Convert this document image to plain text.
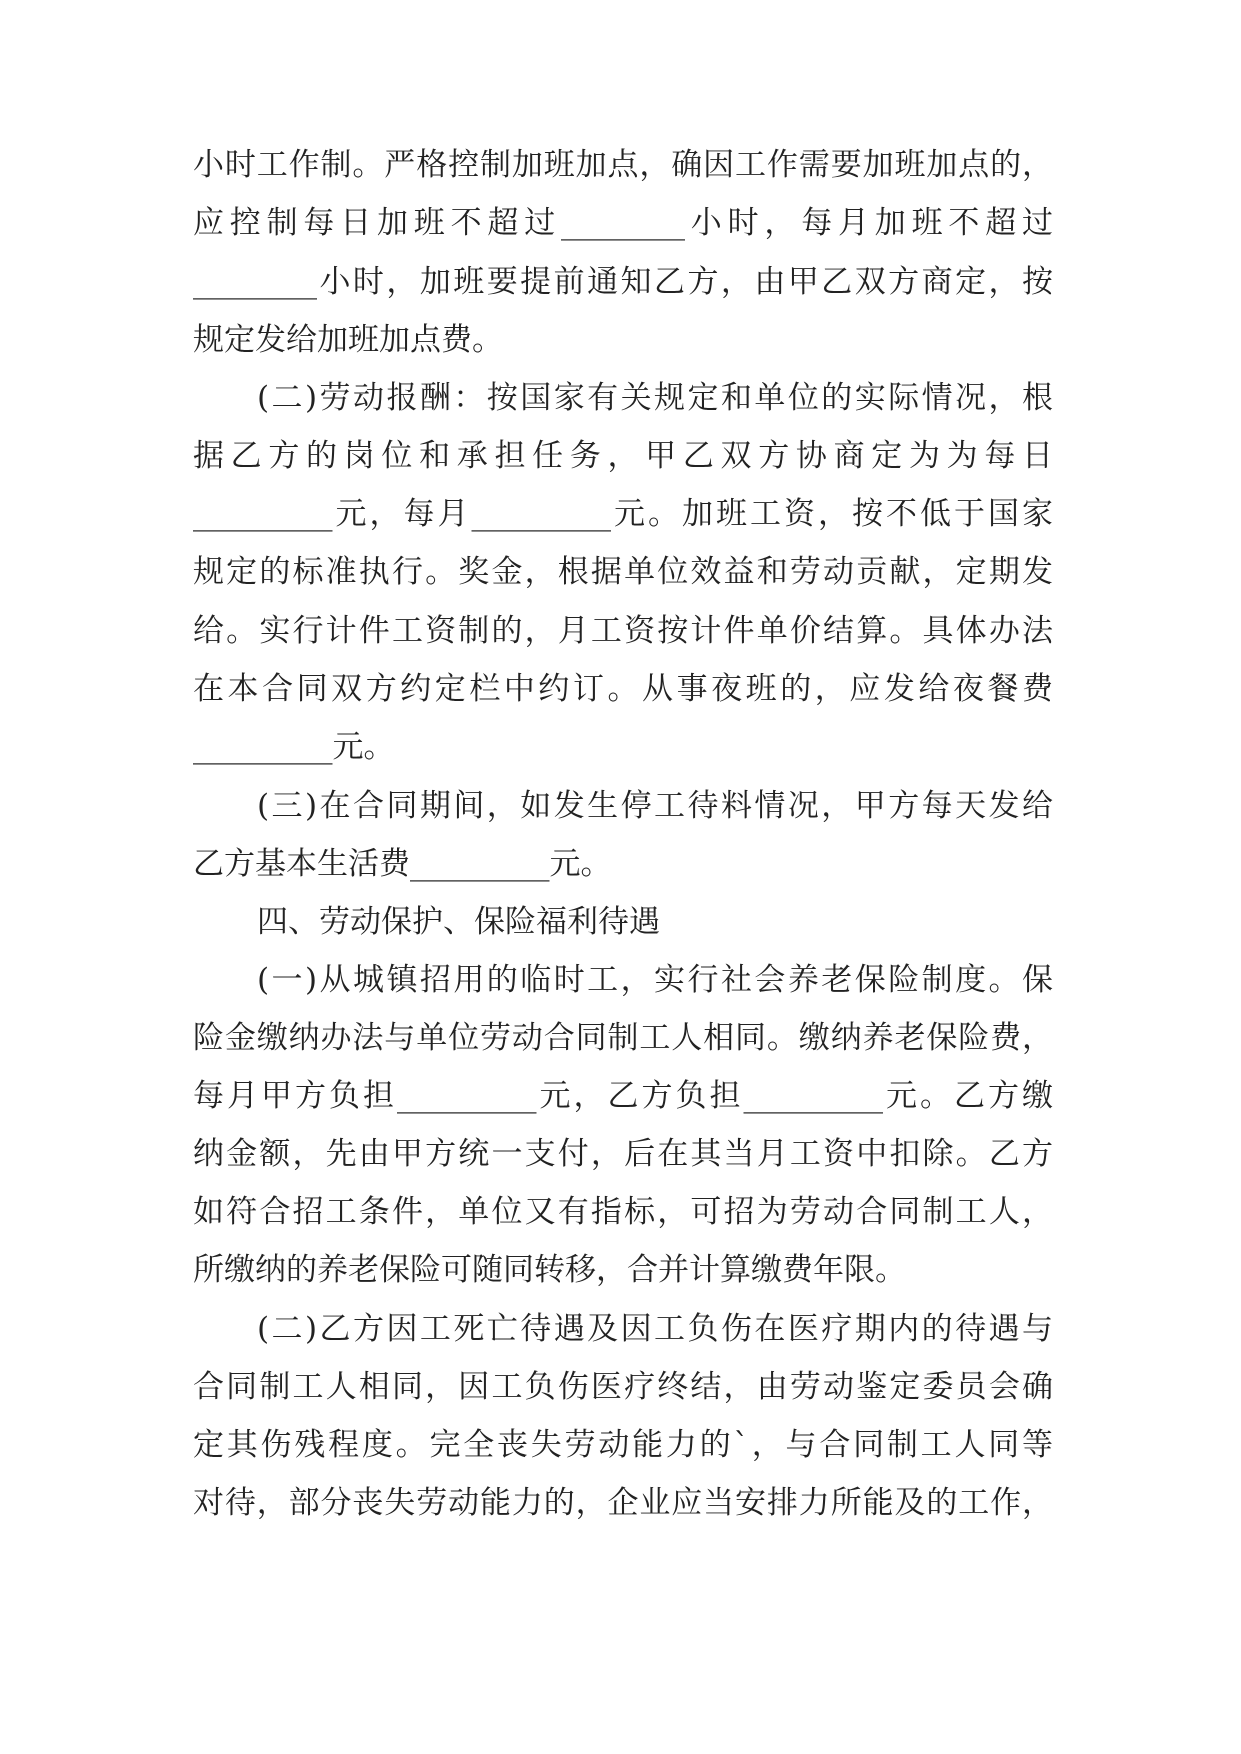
小时工作制。严格控制加班加点，确因工作需要加班加点的，
应控制每日加班不超过________小时，每月加班不超过
________小时，加班要提前通知乙方，由甲乙双方商定，按
规定发给加班加点费。
(二)劳动报酬：按国家有关规定和单位的实际情况，根
据乙方的岗位和承担任务，甲乙双方协商定为为每日
_________元，每月_________元。加班工资，按不低于国家
规定的标准执行。奖金，根据单位效益和劳动贡献，定期发
给。实行计件工资制的，月工资按计件单价结算。具体办法
在本合同双方约定栏中约订。从事夜班的，应发给夜餐费
_________元。
(三)在合同期间，如发生停工待料情况，甲方每天发给
乙方基本生活费_________元。
四、劳动保护、保险福利待遇
(一)从城镇招用的临时工，实行社会养老保险制度。保
险金缴纳办法与单位劳动合同制工人相同。缴纳养老保险费，
每月甲方负担_________元，乙方负担_________元。乙方缴
纳金额，先由甲方统一支付，后在其当月工资中扣除。乙方
如符合招工条件，单位又有指标，可招为劳动合同制工人，
所缴纳的养老保险可随同转移，合并计算缴费年限。
(二)乙方因工死亡待遇及因工负伤在医疗期内的待遇与
合同制工人相同，因工负伤医疗终结，由劳动鉴定委员会确
定其伤残程度。完全丧失劳动能力的`，与合同制工人同等
对待，部分丧失劳动能力的，企业应当安排力所能及的工作，
